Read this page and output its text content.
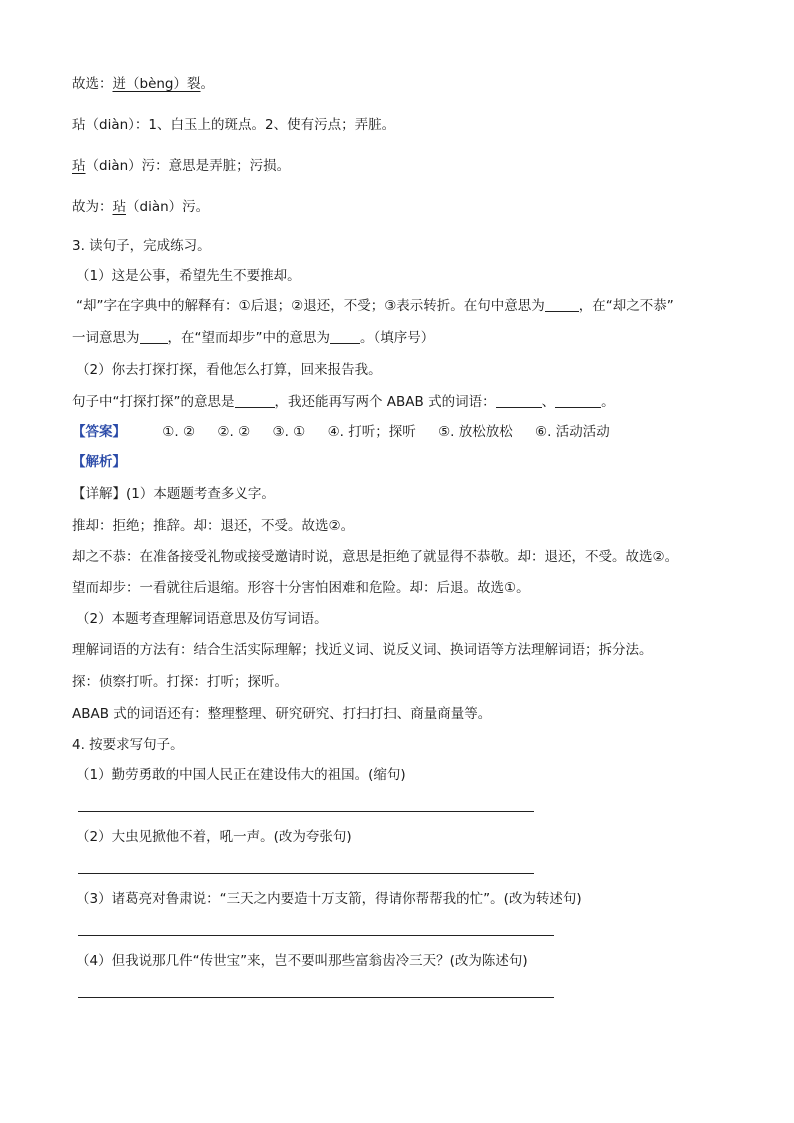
故选：迸（bèng）裂。
玷（diàn）：1、白玉上的斑点。2、使有污点；弄脏。
玷（diàn）污：意思是弄脏；污损。
故为：玷（diàn）污。
3. 读句子，完成练习。
（1）这是公事，希望先生不要推却。
“却”字在字典中的解释有：①后退；②退还，不受；③表示转折。在句中意思为	，在“却之不恭”
一词意思为 ，在“望而却步”中的意思为 。（填序号）
（2）你去打探打探，看他怎么打算，回来报告我。
句子中“打探打探”的意思是	，我还能再写两个 ABAB 式的词语：	、	。
【答案】	①. ② ②. ② ③. ① ④. 打听；探听 ⑤. 放松放松 ⑥. 活动活动
【解析】
【详解】(1）本题题考查多义字。
推却：拒绝；推辞。却：退还，不受。故选②。
却之不恭：在准备接受礼物或接受邀请时说，意思是拒绝了就显得不恭敬。却：退还，不受。故选②。
望而却步：一看就往后退缩。形容十分害怕困难和危险。却：后退。故选①。
（2）本题考查理解词语意思及仿写词语。
理解词语的方法有：结合生活实际理解；找近义词、说反义词、换词语等方法理解词语；拆分法。
探：侦察打听。打探：打听；探听。
ABAB 式的词语还有：整理整理、研究研究、打扫打扫、商量商量等。
4. 按要求写句子。
（1）勤劳勇敢的中国人民正在建设伟大的祖国。(缩句)
（2）大虫见掀他不着，吼一声。(改为夸张句)
（3）诸葛亮对鲁肃说：“三天之内要造十万支箭，得请你帮帮我的忙”。(改为转述句)
（4）但我说那几件“传世宝”来，岂不要叫那些富翁齿冷三天？(改为陈述句)
